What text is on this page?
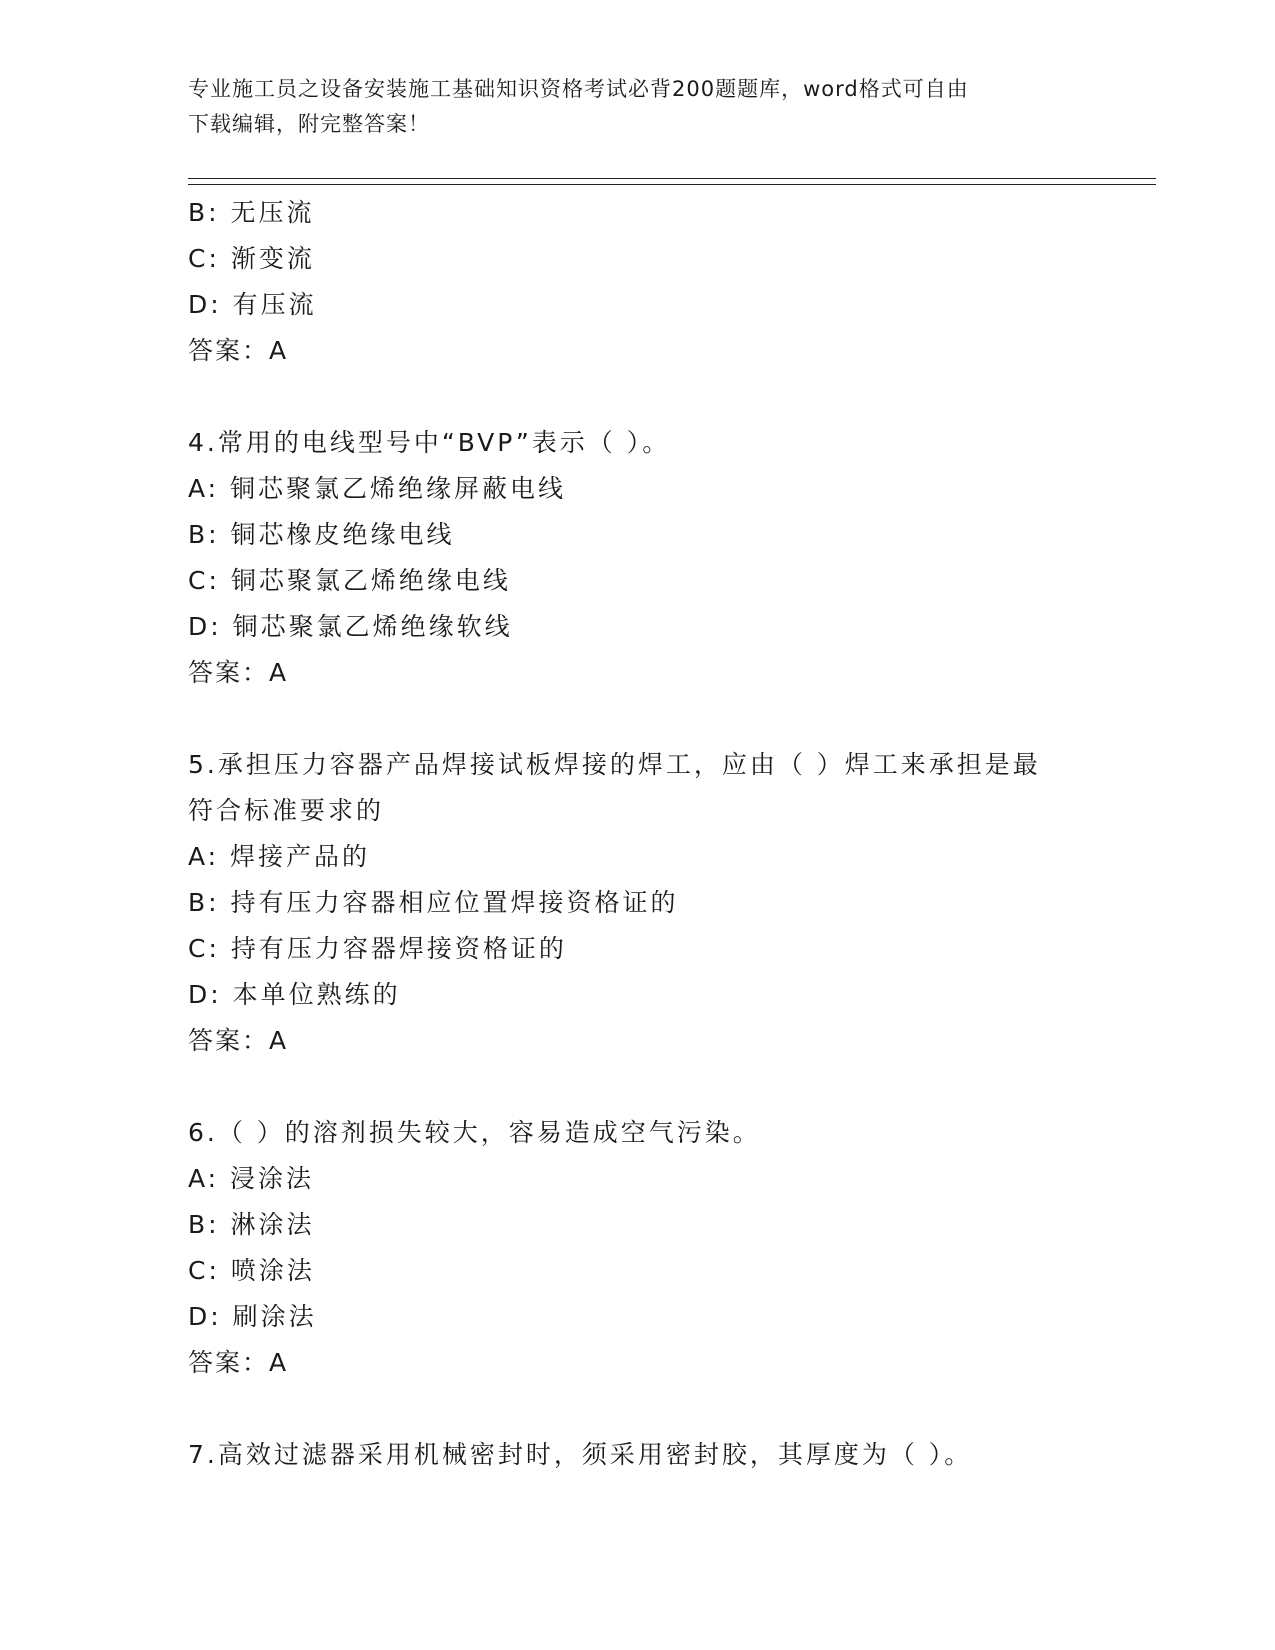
专业施工员之设备安装施工基础知识资格考试必背200题题库，word格式可自由
下载编辑，附完整答案！
B: 无压流
C: 渐变流
D: 有压流
答案：A
4.常用的电线型号中“BVP”表示（ ）。
A: 铜芯聚氯乙烯绝缘屏蔽电线
B: 铜芯橡皮绝缘电线
C: 铜芯聚氯乙烯绝缘电线
D: 铜芯聚氯乙烯绝缘软线
答案：A
5.承担压力容器产品焊接试板焊接的焊工，应由（ ）焊工来承担是最
符合标准要求的
A: 焊接产品的
B: 持有压力容器相应位置焊接资格证的
C: 持有压力容器焊接资格证的
D: 本单位熟练的
答案：A
6.（ ）的溶剂损失较大，容易造成空气污染。
A: 浸涂法
B: 淋涂法
C: 喷涂法
D: 刷涂法
答案：A
7.高效过滤器采用机械密封时，须采用密封胶，其厚度为（ ）。
